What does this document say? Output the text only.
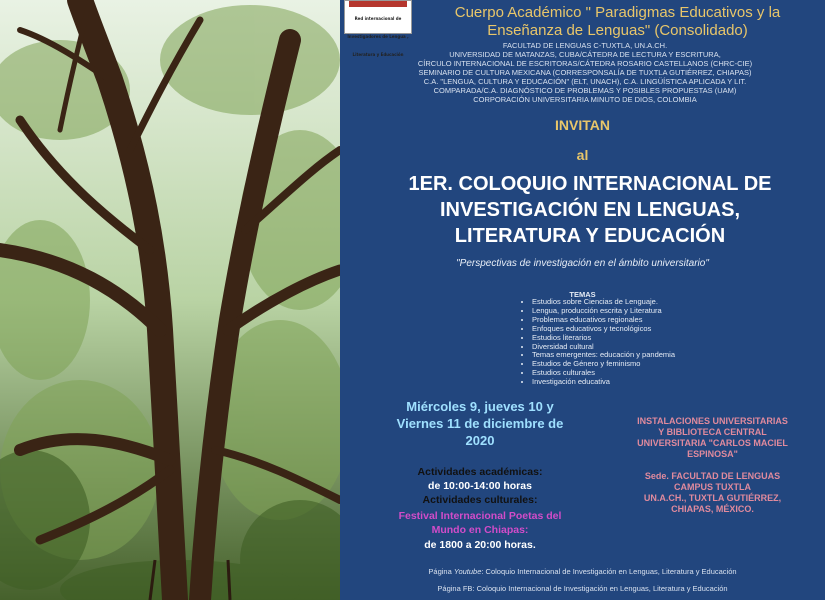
Red internacional de Investigadores de Lengua , Literatura y Educación
Cuerpo Académico " Paradigmas Educativos y la
Enseñanza de Lenguas" (Consolidado)
FACULTAD DE LENGUAS C-TUXTLA, UN.A.CH.
UNIVERSIDAD DE MATANZAS, CUBA/CÁTEDRA DE LECTURA Y ESCRITURA,
CÍRCULO INTERNACIONAL DE ESCRITORAS/CÁTEDRA ROSARIO CASTELLANOS (CHRC-CIE)
SEMINARIO DE CULTURA MEXICANA (CORRESPONSALÍA DE TUXTLA GUTIÉRREZ, CHIAPAS)
C.A. "LENGUA, CULTURA Y EDUCACIÓN" (ELT, UNACH), C.A. LINGÜÍSTICA APLICADA Y LIT.
COMPARADA/C.A. DIAGNÓSTICO DE PROBLEMAS Y POSIBLES PROPUESTAS (UAM)
CORPORACIÓN UNIVERSITARIA MINUTO DE DIOS, COLOMBIA
INVITAN
al
1ER. COLOQUIO INTERNACIONAL DE
INVESTIGACIÓN EN LENGUAS,
LITERATURA Y EDUCACIÓN
"Perspectivas de investigación en el ámbito universitario"
TEMAS
• Estudios sobre Ciencias de Lenguaje.
• Lengua, producción escrita y Literatura
• Problemas educativos regionales
• Enfoques educativos y tecnológicos
• Estudios literarios
• Diversidad cultural
• Temas emergentes: educación y pandemia
• Estudios de Género y feminismo
• Estudios culturales
• Investigación educativa
Miércoles 9, jueves 10 y
Viernes 11 de diciembre de
2020
INSTALACIONES UNIVERSITARIAS
Y BIBLIOTECA CENTRAL
UNIVERSITARIA "CARLOS MACIEL
ESPINOSA"
Sede. FACULTAD DE LENGUAS
CAMPUS TUXTLA
UN.A.CH., TUXTLA GUTIÉRREZ,
CHIAPAS, MÉXICO.
Actividades académicas:
de 10:00-14:00 horas
Actividades culturales:
Festival Internacional Poetas del
Mundo en Chiapas:
de 1800 a 20:00 horas.
Página Youtube: Coloquio Internacional de Investigación en Lenguas, Literatura y Educación
Página FB: Coloquio Internacional de Investigación en Lenguas, Literatura y Educación
